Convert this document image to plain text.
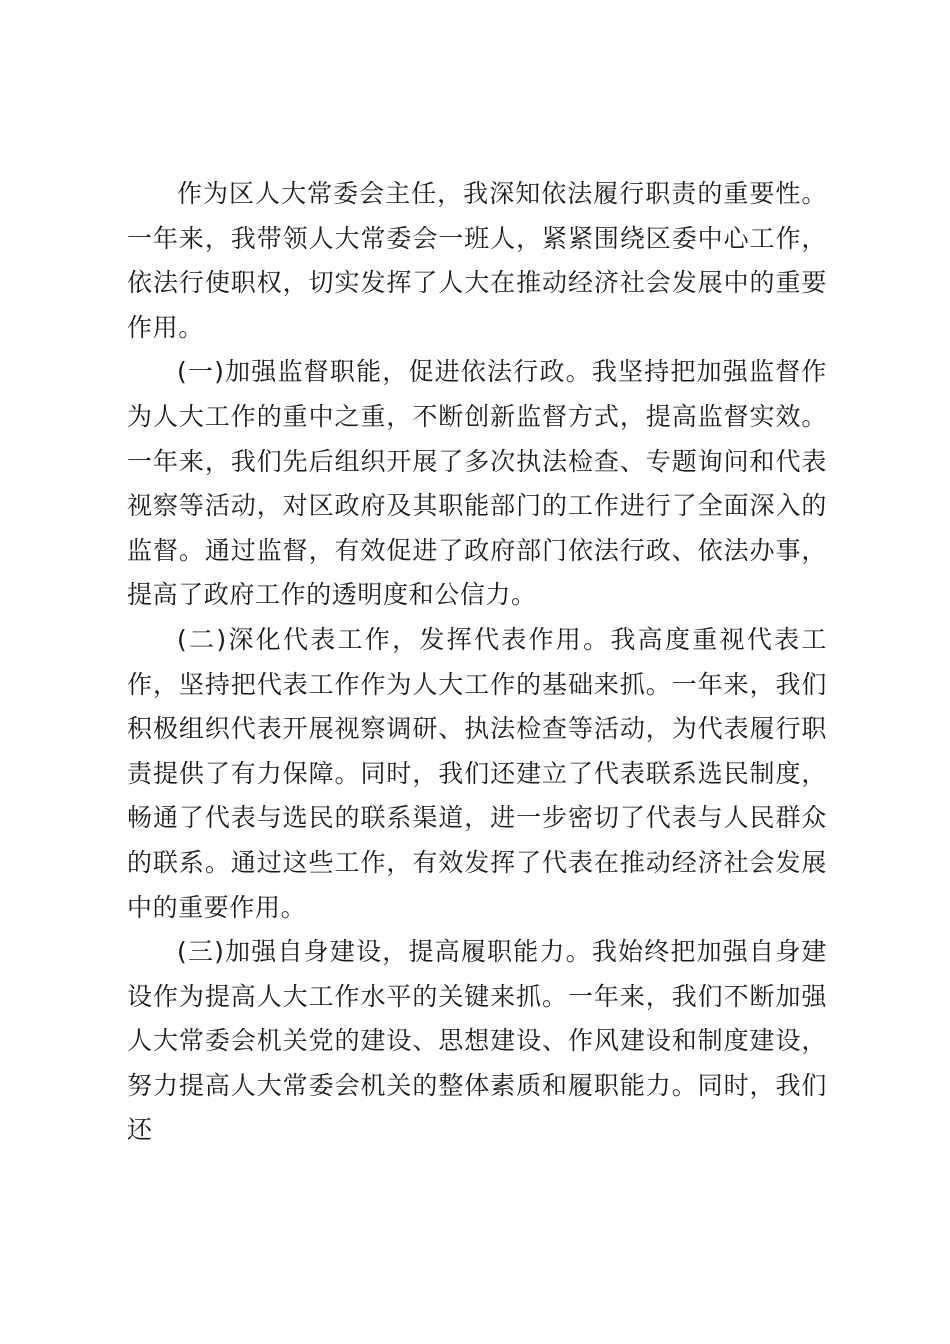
作为区人大常委会主任，我深知依法履行职责的重要性。一年来，我带领人大常委会一班人，紧紧围绕区委中心工作，依法行使职权，切实发挥了人大在推动经济社会发展中的重要作用。

(一)加强监督职能，促进依法行政。我坚持把加强监督作为人大工作的重中之重，不断创新监督方式，提高监督实效。一年来，我们先后组织开展了多次执法检查、专题询问和代表视察等活动，对区政府及其职能部门的工作进行了全面深入的监督。通过监督，有效促进了政府部门依法行政、依法办事，提高了政府工作的透明度和公信力。

(二)深化代表工作，发挥代表作用。我高度重视代表工作，坚持把代表工作作为人大工作的基础来抓。一年来，我们积极组织代表开展视察调研、执法检查等活动，为代表履行职责提供了有力保障。同时，我们还建立了代表联系选民制度，畅通了代表与选民的联系渠道，进一步密切了代表与人民群众的联系。通过这些工作，有效发挥了代表在推动经济社会发展中的重要作用。

(三)加强自身建设，提高履职能力。我始终把加强自身建设作为提高人大工作水平的关键来抓。一年来，我们不断加强人大常委会机关党的建设、思想建设、作风建设和制度建设，努力提高人大常委会机关的整体素质和履职能力。同时，我们还
